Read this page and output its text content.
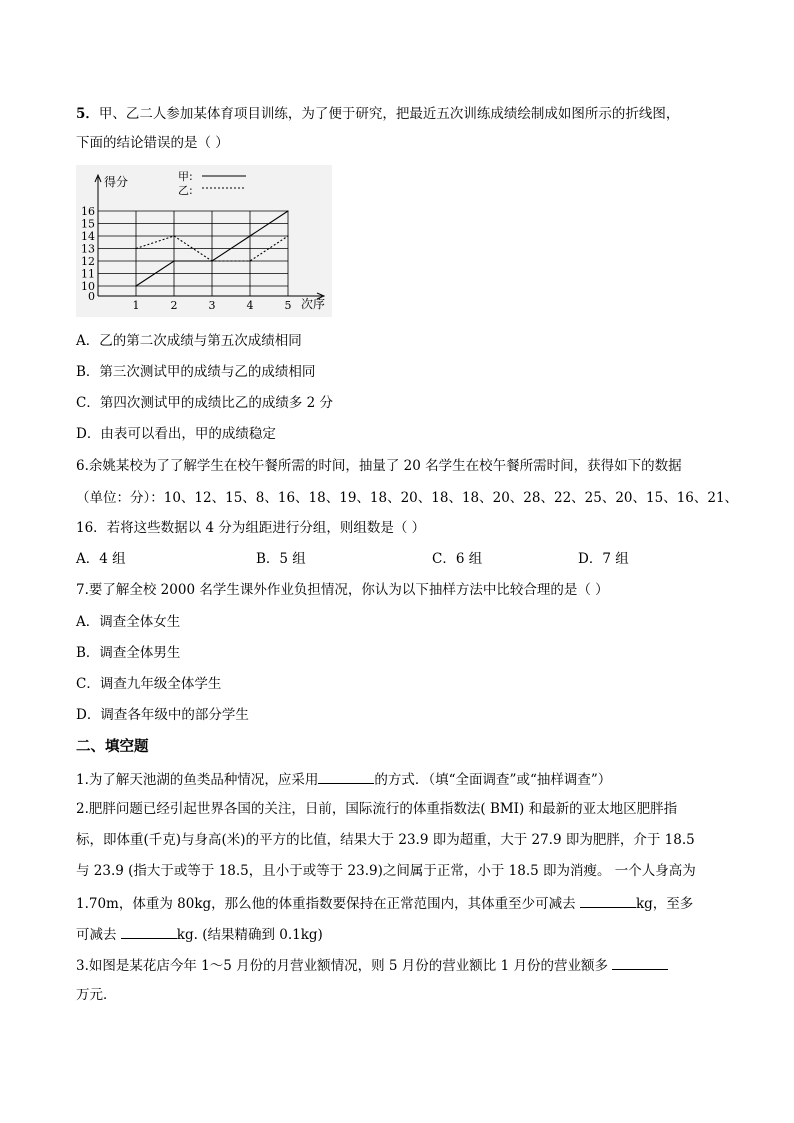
5．甲、乙二人参加某体育项目训练，为了便于研究，把最近五次训练成绩绘制成如图所示的折线图，
下面的结论错误的是（ ）
0
10
11
12
13
14
15
16
1	2	3	4	5
得分
次序
甲:
乙:
A．乙的第二次成绩与第五次成绩相同
B．第三次测试甲的成绩与乙的成绩相同
C．第四次测试甲的成绩比乙的成绩多 2 分
D．由表可以看出，甲的成绩稳定
6.余姚某校为了了解学生在校午餐所需的时间，抽量了 20 名学生在校午餐所需时间，获得如下的数据
（单位：分）：10、12、15、8、16、18、19、18、20、18、18、20、28、22、25、20、15、16、21、
16．若将这些数据以 4 分为组距进行分组，则组数是（ ）
A．4 组	B．5 组	C．6 组	D．7 组
7.要了解全校 2000 名学生课外作业负担情况，你认为以下抽样方法中比较合理的是（ ）
A．调查全体女生
B．调查全体男生
C．调查九年级全体学生
D．调查各年级中的部分学生
二、填空题
1.为了解天池湖的鱼类品种情况，应采用	的方式．（填“全面调查”或“抽样调查”）
2.肥胖问题已经引起世界各国的关注，日前，国际流行的体重指数法( BMI) 和最新的亚太地区肥胖指
标，即体重(千克)与身高(米)的平方的比值，结果大于 23.9 即为超重，大于 27.9 即为肥胖，介于 18.5
与 23.9 (指大于或等于 18.5，且小于或等于 23.9)之间属于正常，小于 18.5 即为消瘦。 一个人身高为
1.70m，体重为 80kg，那么他的体重指数要保持在正常范围内，其体重至少可减去	kg，至多
可减去	kg. (结果精确到 0.1kg)
3.如图是某花店今年 1～5 月份的月营业额情况，则 5 月份的营业额比 1 月份的营业额多
万元．
